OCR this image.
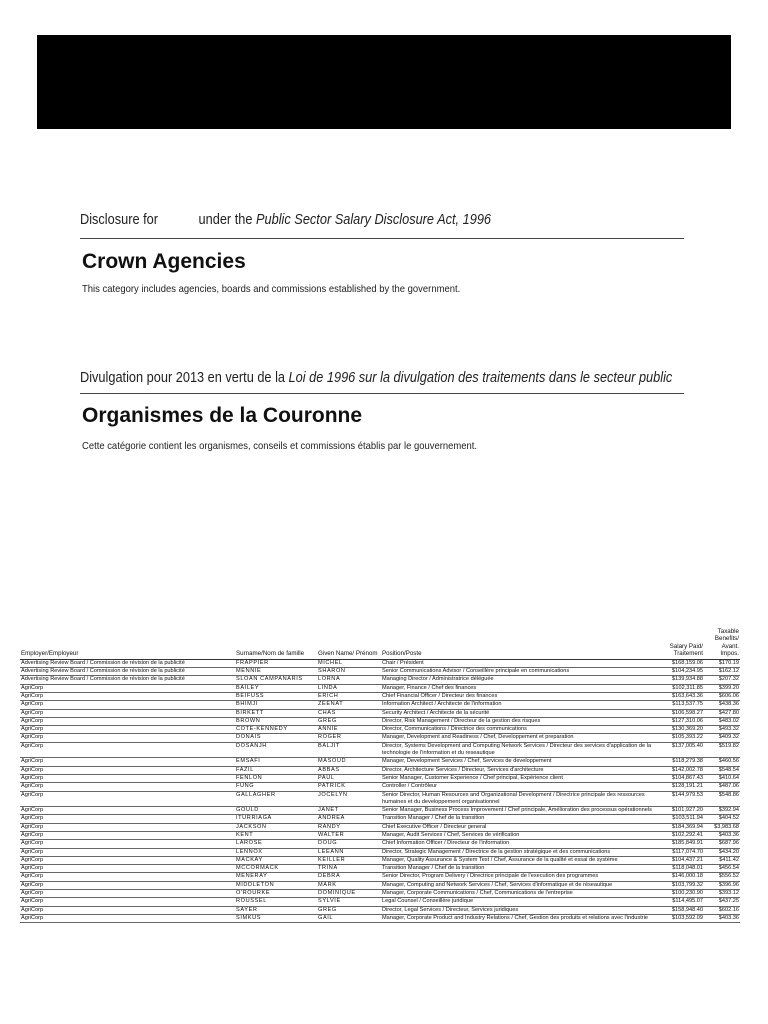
Disclosure for	under the Public Sector Salary Disclosure Act, 1996
Crown Agencies
This category includes agencies, boards and commissions established by the government.
Divulgation pour 2013 en vertu de la Loi de 1996 sur la divulgation des traitements dans le secteur public
Organismes de la Couronne
Cette catégorie contient les organismes, conseils et commissions établis par le gouvernement.
Employer/Employeur	Surname/Nom de famille	Given Name/ Prénom	Position/Poste	Salary Paid/ Traitement	Taxable Benefits/ Avant. Impos.
Advertising Review Board / Commission de révision de la publicité	FRAPPIER	MICHEL	Chair / Président	$168,159.06	$170.19
Advertising Review Board / Commission de révision de la publicité	MENNIE	SHARON	Senior Communications Advisor / Conseillère principale en communications	$104,234.95	$162.12
Advertising Review Board / Commission de révision de la publicité	SLOAN CAMPANARIS	LORNA	Managing Director / Administratrice déléguée	$139,934.88	$207.32
AgriCorp	BAILEY	LINDA	Manager, Finance / Chef des finances	$102,311.85	$399.20
AgriCorp	BEIFUSS	ERICH	Chief Financial Officer / Directeur des finances	$163,643.36	$606.06
AgriCorp	BHIMJI	ZEENAT	Information Architect / Architecte de l'information	$113,537.75	$438.36
AgriCorp	BIRKETT	CHAS	Security Architect / Architecte de la sécurité	$106,598.27	$427.80
AgriCorp	BROWN	GREG	Director, Risk Management / Directeur de la gestion des risques	$127,310.06	$483.02
AgriCorp	COTE-KENNEDY	ANNIE	Director, Communications / Directrice des communications	$130,369.20	$493.32
AgriCorp	DONAIS	ROGER	Manager, Development and Readiness / Chef, Developpement et preparation	$105,393.22	$409.32
AgriCorp	DOSANJH	BALJIT	Director, Systems Development and Computing Network Services / Directeur des services d'application de la technologie de l'information et du reseautique	$137,005.40	$519.82
AgriCorp	EMSAFI	MASOUD	Manager, Development Services / Chef, Services de developpement	$118,279.38	$460.56
AgriCorp	FAZIL	ABBAS	Director, Architecture Services / Directeur, Services d'architecture	$142,002.78	$548.54
AgriCorp	FENLON	PAUL	Senior Manager, Customer Experience / Chef principal, Expérience client	$104,867.43	$410.64
AgriCorp	FUNG	PATRICK	Controller / Contrôleur	$128,191.21	$487.06
AgriCorp	GALLAGHER	JOCELYN	Senior Director, Human Resources and Organizational Development / Directrice principale des ressources humaines et du developpement organisationnel	$144,979.53	$548.86
AgriCorp	GOULD	JANET	Senior Manager, Business Process Improvement / Chef principale, Amélioration des processus opérationnels	$101,927.20	$392.94
AgriCorp	ITURRIAGA	ANDREA	Transition Manager / Chef de la transition	$103,511.94	$404.52
AgriCorp	JACKSON	RANDY	Chief Executive Officer / Directeur general	$184,369.94	$3,983.68
AgriCorp	KENT	WALTER	Manager, Audit Services / Chef, Services de vérification	$102,292.41	$403.36
AgriCorp	LAROSE	DOUG	Chief Information Officer / Directeur de l'information	$185,849.91	$687.96
AgriCorp	LENNOX	LEEANN	Director, Strategic Management / Directrice de la gestion stratégique et des communications	$117,074.70	$434.20
AgriCorp	MACKAY	KEILLER	Manager, Quality Assurance & System Test / Chef, Assurance de la qualité et essai de système	$104,437.21	$411.42
AgriCorp	MCCORMACK	TRINA	Transition Manager / Chef de la transition	$118,048.01	$456.54
AgriCorp	MENERAY	DEBRA	Senior Director, Program Delivery / Directrice principale de l'execution des programmes	$146,000.18	$556.52
AgriCorp	MIDDLETON	MARK	Manager, Computing and Network Services / Chef, Services d'informatique et de réseautique	$103,799.32	$396.96
AgriCorp	O'ROURKE	DOMINIQUE	Manager, Corporate Communications / Chef, Communications de l'entreprise	$100,230.90	$393.12
AgriCorp	ROUSSEL	SYLVIE	Legal Counsel / Conseillère juridique	$114,495.07	$437.25
AgriCorp	SAYER	GREG	Director, Legal Services / Directeur, Services juridiques	$158,948.40	$602.16
AgriCorp	SIMKUS	GAIL	Manager, Corporate Product and Industry Relations / Chef, Gestion des produits et relations avec l'industrie	$103,592.09	$403.36
